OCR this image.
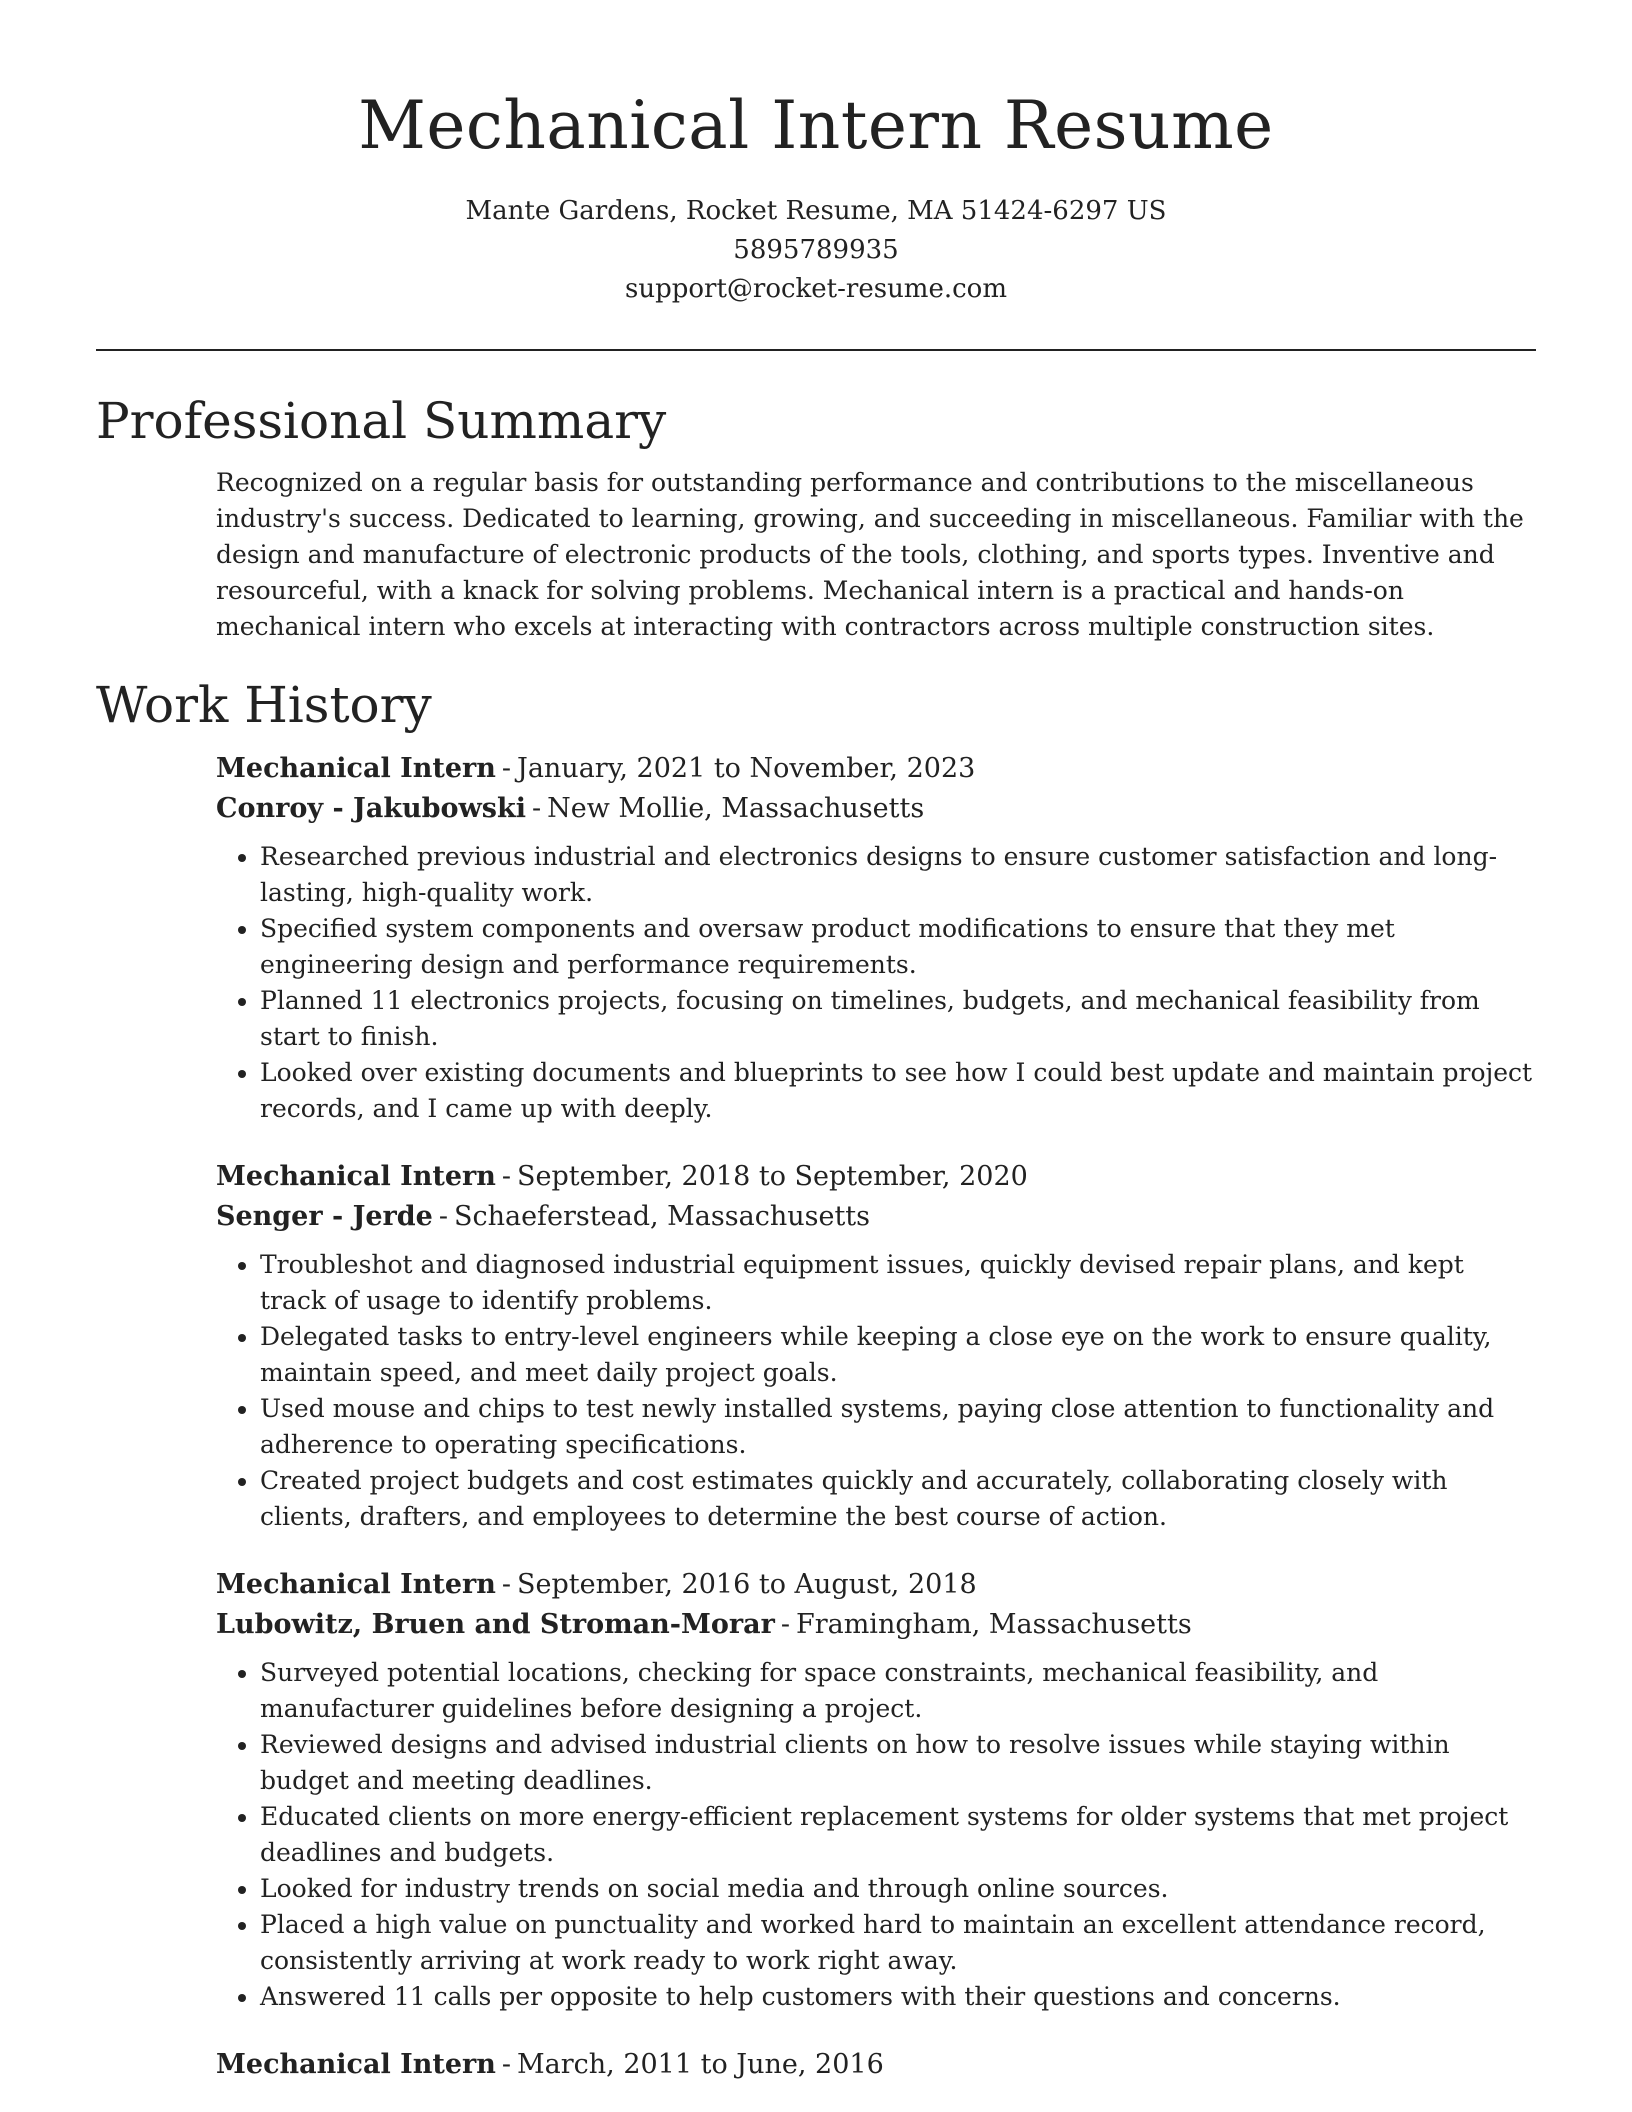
Mechanical Intern Resume
Mante Gardens, Rocket Resume, MA 51424-6297 US
5895789935
support@rocket-resume.com
Professional Summary

Recognized on a regular basis for outstanding performance and contributions to the miscellaneous industry's success. Dedicated to learning, growing, and succeeding in miscellaneous. Familiar with the design and manufacture of electronic products of the tools, clothing, and sports types. Inventive and resourceful, with a knack for solving problems. Mechanical intern is a practical and hands-on mechanical intern who excels at interacting with contractors across multiple construction sites.

Work History
Mechanical Intern - January, 2021 to November, 2023
Conroy - Jakubowski - New Mollie, Massachusetts
• Researched previous industrial and electronics designs to ensure customer satisfaction and long-lasting, high-quality work.
• Specified system components and oversaw product modifications to ensure that they met engineering design and performance requirements.
• Planned 11 electronics projects, focusing on timelines, budgets, and mechanical feasibility from start to finish.
• Looked over existing documents and blueprints to see how I could best update and maintain project records, and I came up with deeply.
Mechanical Intern - September, 2018 to September, 2020
Senger - Jerde - Schaeferstead, Massachusetts
• Troubleshot and diagnosed industrial equipment issues, quickly devised repair plans, and kept track of usage to identify problems.
• Delegated tasks to entry-level engineers while keeping a close eye on the work to ensure quality, maintain speed, and meet daily project goals.
• Used mouse and chips to test newly installed systems, paying close attention to functionality and adherence to operating specifications.
• Created project budgets and cost estimates quickly and accurately, collaborating closely with clients, drafters, and employees to determine the best course of action.
Mechanical Intern - September, 2016 to August, 2018
Lubowitz, Bruen and Stroman-Morar - Framingham, Massachusetts
• Surveyed potential locations, checking for space constraints, mechanical feasibility, and manufacturer guidelines before designing a project.
• Reviewed designs and advised industrial clients on how to resolve issues while staying within budget and meeting deadlines.
• Educated clients on more energy-efficient replacement systems for older systems that met project deadlines and budgets.
• Looked for industry trends on social media and through online sources.
• Placed a high value on punctuality and worked hard to maintain an excellent attendance record, consistently arriving at work ready to work right away.
• Answered 11 calls per opposite to help customers with their questions and concerns.
Mechanical Intern - March, 2011 to June, 2016
